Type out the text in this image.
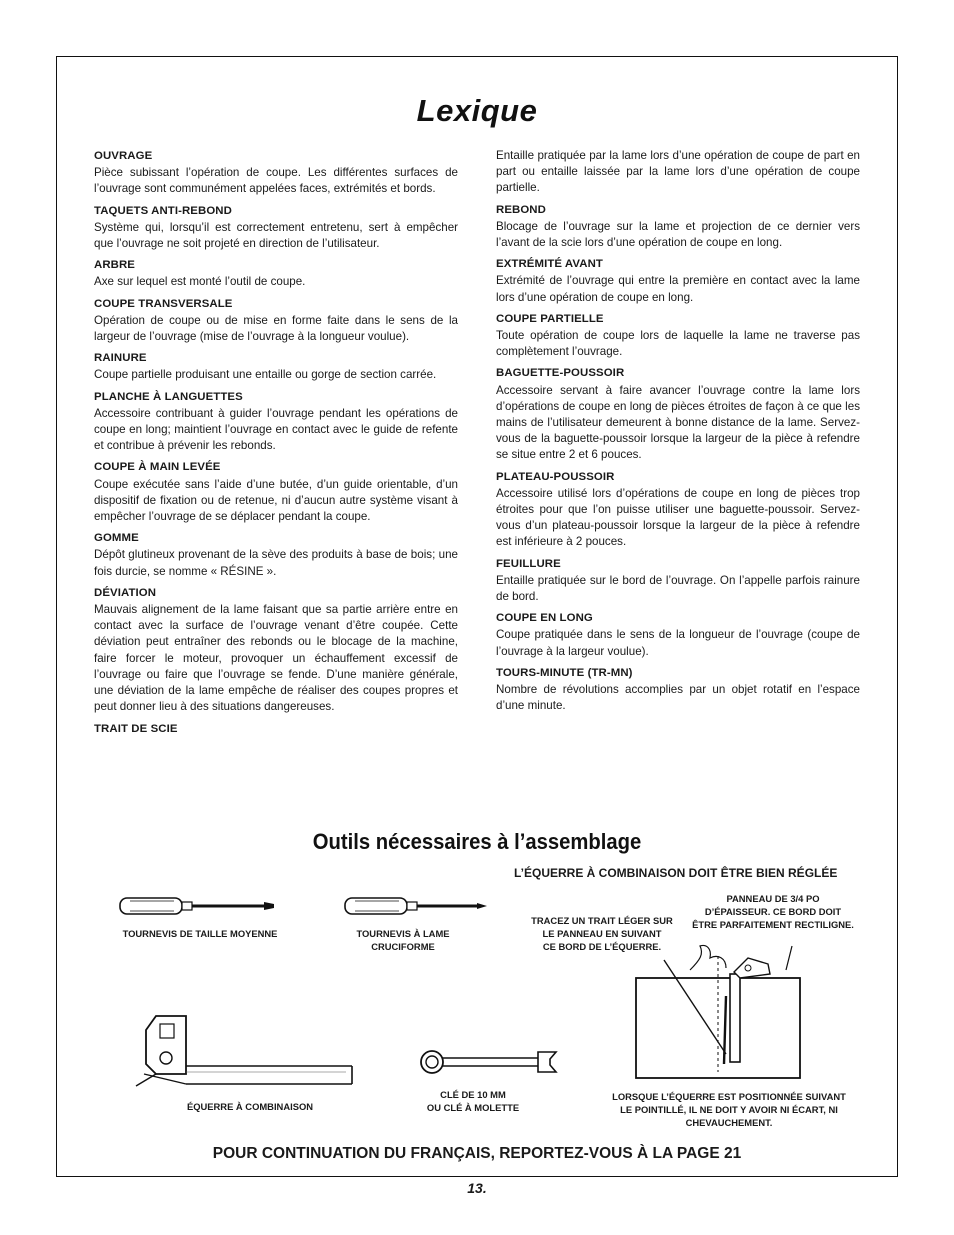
Lexique
OUVRAGE
Pièce subissant l’opération de coupe. Les différentes surfaces de l’ouvrage sont communément appelées faces, extrémités et bords.
TAQUETS ANTI-REBOND
Système qui, lorsqu’il est correctement entretenu, sert à empêcher que l’ouvrage ne soit projeté en direction de l’utilisateur.
ARBRE
Axe sur lequel est monté l’outil de coupe.
COUPE TRANSVERSALE
Opération de coupe ou de mise en forme faite dans le sens de la largeur de l’ouvrage (mise de l’ouvrage à la longueur voulue).
RAINURE
Coupe partielle produisant une entaille ou gorge de section carrée.
PLANCHE À LANGUETTES
Accessoire contribuant à guider l’ouvrage pendant les opérations de coupe en long; maintient l’ouvrage en contact avec le guide de refente et contribue à prévenir les rebonds.
COUPE À MAIN LEVÉE
Coupe exécutée sans l’aide d’une butée, d’un guide orientable, d’un dispositif de fixation ou de retenue, ni d’aucun autre système visant à empêcher l’ouvrage de se déplacer pendant la coupe.
GOMME
Dépôt glutineux provenant de la sève des produits à base de bois; une fois durcie, se nomme « RÉSINE ».
DÉVIATION
Mauvais alignement de la lame faisant que sa partie arrière entre en contact avec la surface de l’ouvrage venant d’être coupée. Cette déviation peut entraîner des rebonds ou le blocage de la machine, faire forcer le moteur, provoquer un échauffement excessif de l’ouvrage ou faire que l’ouvrage se fende. D’une manière générale, une déviation de la lame empêche de réaliser des coupes propres et peut donner lieu à des situations dangereuses.
TRAIT DE SCIE
Entaille pratiquée par la lame lors d’une opération de coupe de part en part ou entaille laissée par la lame lors d’une opération de coupe partielle.
REBOND
Blocage de l’ouvrage sur la lame et projection de ce dernier vers l’avant de la scie lors d’une opération de coupe en long.
EXTRÉMITÉ AVANT
Extrémité de l’ouvrage qui entre la première en contact avec la lame lors d’une opération de coupe en long.
COUPE PARTIELLE
Toute opération de coupe lors de laquelle la lame ne traverse pas complètement l’ouvrage.
BAGUETTE-POUSSOIR
Accessoire servant à faire avancer l’ouvrage contre la lame lors d’opérations de coupe en long de pièces étroites de façon à ce que les mains de l’utilisateur demeurent à bonne distance de la lame. Servez-vous de la baguette-poussoir lorsque la largeur de la pièce à refendre se situe entre 2 et 6 pouces.
PLATEAU-POUSSOIR
Accessoire utilisé lors d’opérations de coupe en long de pièces trop étroites pour que l’on puisse utiliser une baguette-poussoir. Servez-vous d’un plateau-poussoir lorsque la largeur de la pièce à refendre est inférieure à 2 pouces.
FEUILLURE
Entaille pratiquée sur le bord de l’ouvrage. On l’appelle parfois rainure de bord.
COUPE EN LONG
Coupe pratiquée dans le sens de la longueur de l’ouvrage (coupe de l’ouvrage à la largeur voulue).
TOURS-MINUTE (TR-MN)
Nombre de révolutions accomplies par un objet rotatif en l’espace d’une minute.
Outils nécessaires à l’assemblage
L’ÉQUERRE À COMBINAISON DOIT ÊTRE BIEN RÉGLÉE
TOURNEVIS DE TAILLE MOYENNE	TOURNEVIS À LAME
CRUCIFORME
ÉQUERRE À COMBINAISON
CLÉ DE 10 MM
OU CLÉ À MOLETTE
TRACEZ UN TRAIT LÉGER SUR
LE PANNEAU EN SUIVANT
CE BORD DE L’ÉQUERRE.
PANNEAU DE 3/4 PO
D’ÉPAISSEUR. CE BORD DOIT
ÊTRE PARFAITEMENT RECTILIGNE.
LORSQUE L’ÉQUERRE EST POSITIONNÉE SUIVANT
LE POINTILLÉ, IL NE DOIT Y AVOIR NI ÉCART, NI
CHEVAUCHEMENT.
POUR CONTINUATION DU FRANÇAIS, REPORTEZ-VOUS À LA PAGE 21
13.
